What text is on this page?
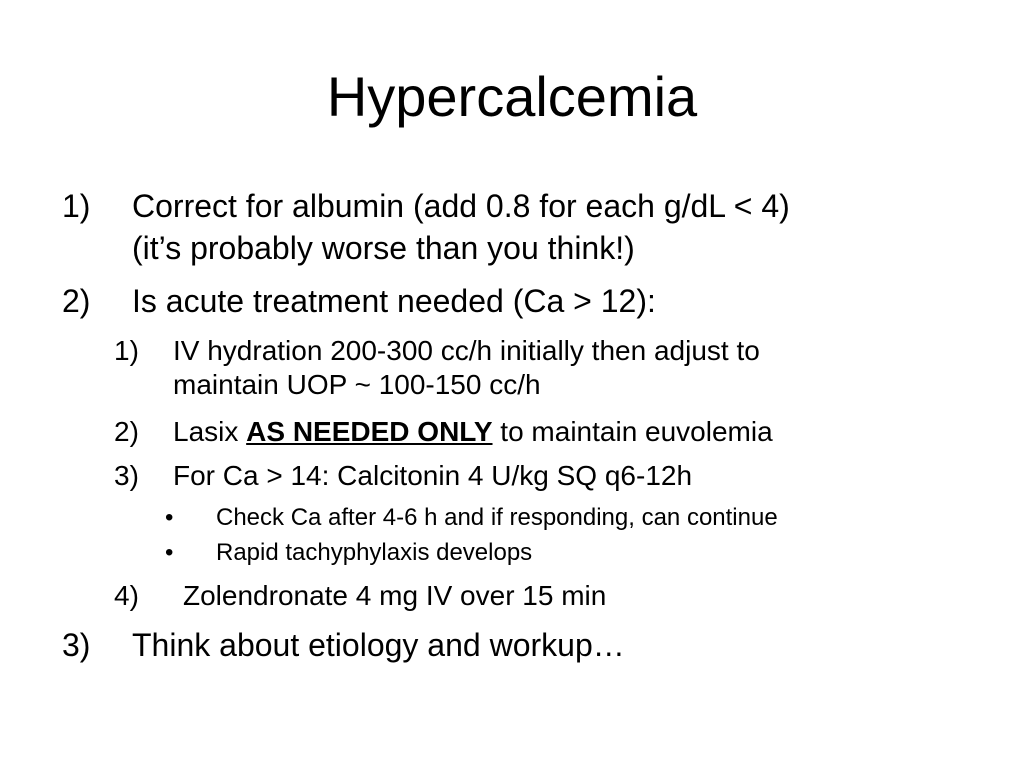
Hypercalcemia
1) Correct for albumin (add 0.8 for each g/dL < 4)
(it’s probably worse than you think!)
2) Is acute treatment needed (Ca > 12):
1) IV hydration 200-300 cc/h initially then adjust to
maintain UOP ~ 100-150 cc/h
2) Lasix AS NEEDED ONLY to maintain euvolemia
3) For Ca > 14: Calcitonin 4 U/kg SQ q6-12h
• Check Ca after 4-6 h and if responding, can continue
• Rapid tachyphylaxis develops
4) Zolendronate 4 mg IV over 15 min
3) Think about etiology and workup…
